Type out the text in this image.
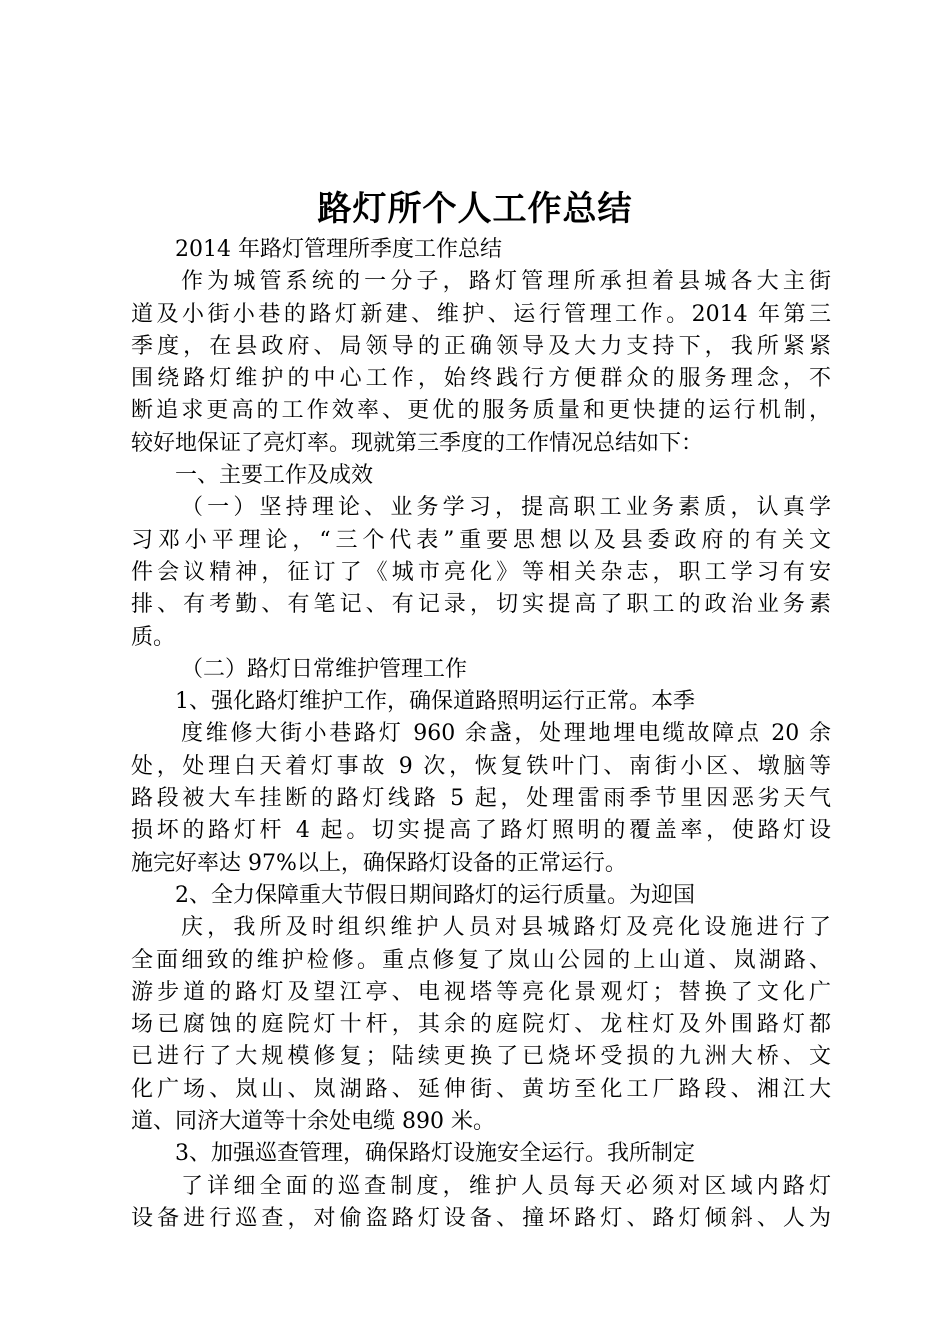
路灯所个人工作总结
2014 年路灯管理所季度工作总结
作为城管系统的一分子，路灯管理所承担着县城各大主街
道及小街小巷的路灯新建、维护、运行管理工作。2014 年第三
季度，在县政府、局领导的正确领导及大力支持下，我所紧紧
围绕路灯维护的中心工作，始终践行方便群众的服务理念，不
断追求更高的工作效率、更优的服务质量和更快捷的运行机制，
较好地保证了亮灯率。现就第三季度的工作情况总结如下：
一、主要工作及成效
（一）坚持理论、业务学习，提高职工业务素质，认真学
习邓小平理论，“三个代表”重要思想以及县委政府的有关文
件会议精神，征订了《城市亮化》等相关杂志，职工学习有安
排、有考勤、有笔记、有记录，切实提高了职工的政治业务素
质。
（二）路灯日常维护管理工作
1、强化路灯维护工作，确保道路照明运行正常。本季
度维修大街小巷路灯 960 余盏，处理地埋电缆故障点 20 余
处，处理白天着灯事故 9 次，恢复铁叶门、南街小区、墩脑等
路段被大车挂断的路灯线路 5 起，处理雷雨季节里因恶劣天气
损坏的路灯杆 4 起。切实提高了路灯照明的覆盖率，使路灯设
施完好率达 97%以上，确保路灯设备的正常运行。
2、全力保障重大节假日期间路灯的运行质量。为迎国
庆，我所及时组织维护人员对县城路灯及亮化设施进行了
全面细致的维护检修。重点修复了岚山公园的上山道、岚湖路、
游步道的路灯及望江亭、电视塔等亮化景观灯；替换了文化广
场已腐蚀的庭院灯十杆，其余的庭院灯、龙柱灯及外围路灯都
已进行了大规模修复；陆续更换了已烧坏受损的九洲大桥、文
化广场、岚山、岚湖路、延伸街、黄坊至化工厂路段、湘江大
道、同济大道等十余处电缆 890 米。
3、加强巡查管理，确保路灯设施安全运行。我所制定
了详细全面的巡查制度，维护人员每天必须对区域内路灯
设备进行巡查，对偷盗路灯设备、撞坏路灯、路灯倾斜、人为
